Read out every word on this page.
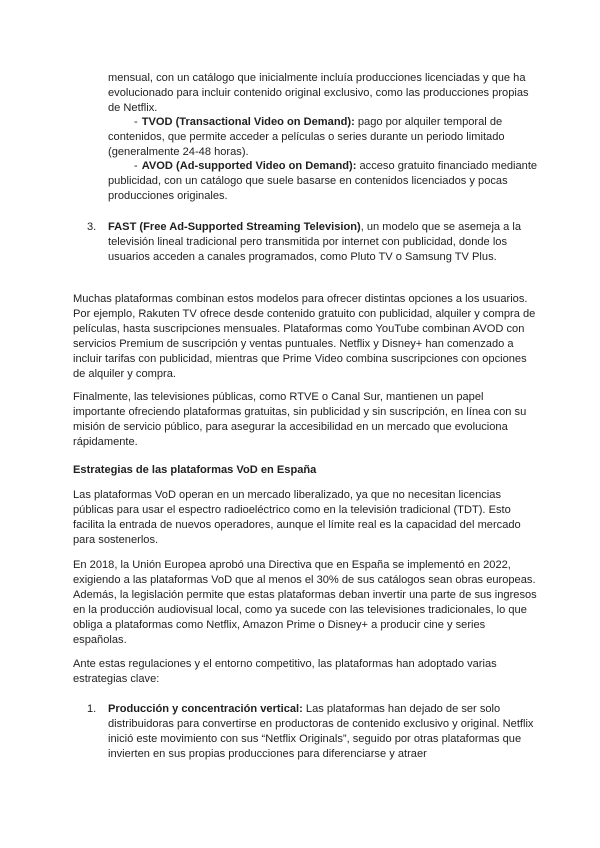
mensual, con un catálogo que inicialmente incluía producciones licenciadas y que ha evolucionado para incluir contenido original exclusivo, como las producciones propias de Netflix.

- TVOD (Transactional Video on Demand): pago por alquiler temporal de contenidos, que permite acceder a películas o series durante un periodo limitado (generalmente 24-48 horas).

- AVOD (Ad-supported Video on Demand): acceso gratuito financiado mediante publicidad, con un catálogo que suele basarse en contenidos licenciados y pocas producciones originales.

3.	FAST (Free Ad-Supported Streaming Television), un modelo que se asemeja a la televisión lineal tradicional pero transmitida por internet con publicidad, donde los usuarios acceden a canales programados, como Pluto TV o Samsung TV Plus.

Muchas plataformas combinan estos modelos para ofrecer distintas opciones a los usuarios. Por ejemplo, Rakuten TV ofrece desde contenido gratuito con publicidad, alquiler y compra de películas, hasta suscripciones mensuales. Plataformas como YouTube combinan AVOD con servicios Premium de suscripción y ventas puntuales. Netflix y Disney+ han comenzado a incluir tarifas con publicidad, mientras que Prime Video combina suscripciones con opciones de alquiler y compra.

Finalmente, las televisiones públicas, como RTVE o Canal Sur, mantienen un papel importante ofreciendo plataformas gratuitas, sin publicidad y sin suscripción, en línea con su misión de servicio público, para asegurar la accesibilidad en un mercado que evoluciona rápidamente.

Estrategias de las plataformas VoD en España

Las plataformas VoD operan en un mercado liberalizado, ya que no necesitan licencias públicas para usar el espectro radioeléctrico como en la televisión tradicional (TDT). Esto facilita la entrada de nuevos operadores, aunque el límite real es la capacidad del mercado para sostenerlos.

En 2018, la Unión Europea aprobó una Directiva que en España se implementó en 2022, exigiendo a las plataformas VoD que al menos el 30% de sus catálogos sean obras europeas. Además, la legislación permite que estas plataformas deban invertir una parte de sus ingresos en la producción audiovisual local, como ya sucede con las televisiones tradicionales, lo que obliga a plataformas como Netflix, Amazon Prime o Disney+ a producir cine y series españolas.

Ante estas regulaciones y el entorno competitivo, las plataformas han adoptado varias estrategias clave:

1.	Producción y concentración vertical: Las plataformas han dejado de ser solo distribuidoras para convertirse en productoras de contenido exclusivo y original. Netflix inició este movimiento con sus “Netflix Originals”, seguido por otras plataformas que invierten en sus propias producciones para diferenciarse y atraer
